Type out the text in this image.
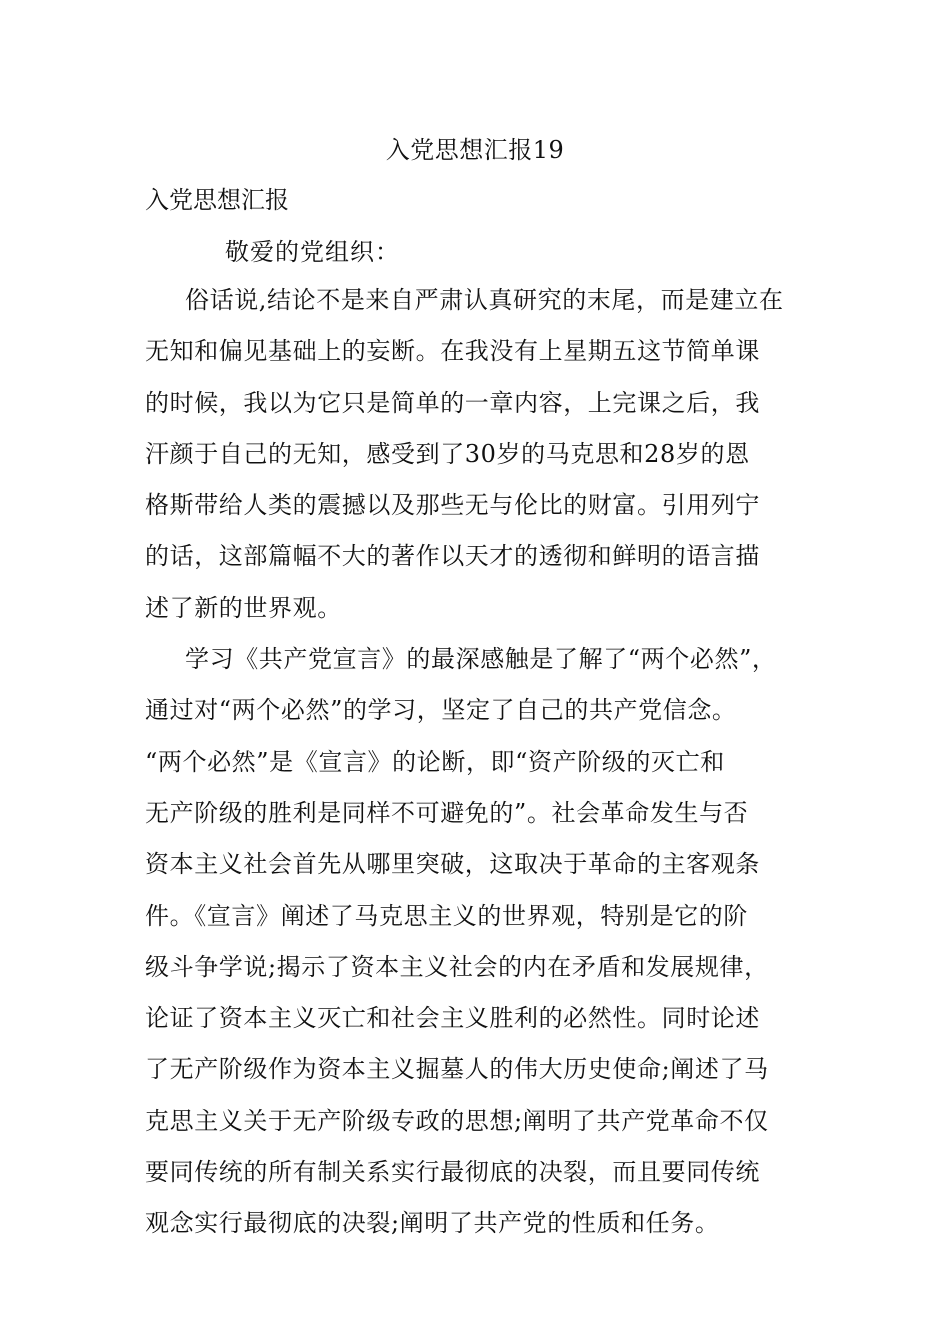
入党思想汇报19
入党思想汇报
敬爱的党组织：
俗话说,结论不是来自严肃认真研究的末尾，而是建立在
无知和偏见基础上的妄断。在我没有上星期五这节简单课
的时候，我以为它只是简单的一章内容，上完课之后，我
汗颜于自己的无知，感受到了30岁的马克思和28岁的恩
格斯带给人类的震撼以及那些无与伦比的财富。引用列宁
的话，这部篇幅不大的著作以天才的透彻和鲜明的语言描
述了新的世界观。
学习《共产党宣言》的最深感触是了解了“两个必然”，
通过对“两个必然”的学习，坚定了自己的共产党信念。
“两个必然”是《宣言》的论断，即“资产阶级的灭亡和
无产阶级的胜利是同样不可避免的”。社会革命发生与否
资本主义社会首先从哪里突破，这取决于革命的主客观条
件。《宣言》阐述了马克思主义的世界观，特别是它的阶
级斗争学说;揭示了资本主义社会的内在矛盾和发展规律，
论证了资本主义灭亡和社会主义胜利的必然性。同时论述
了无产阶级作为资本主义掘墓人的伟大历史使命;阐述了马
克思主义关于无产阶级专政的思想;阐明了共产党革命不仅
要同传统的所有制关系实行最彻底的决裂，而且要同传统
观念实行最彻底的决裂;阐明了共产党的性质和任务。
